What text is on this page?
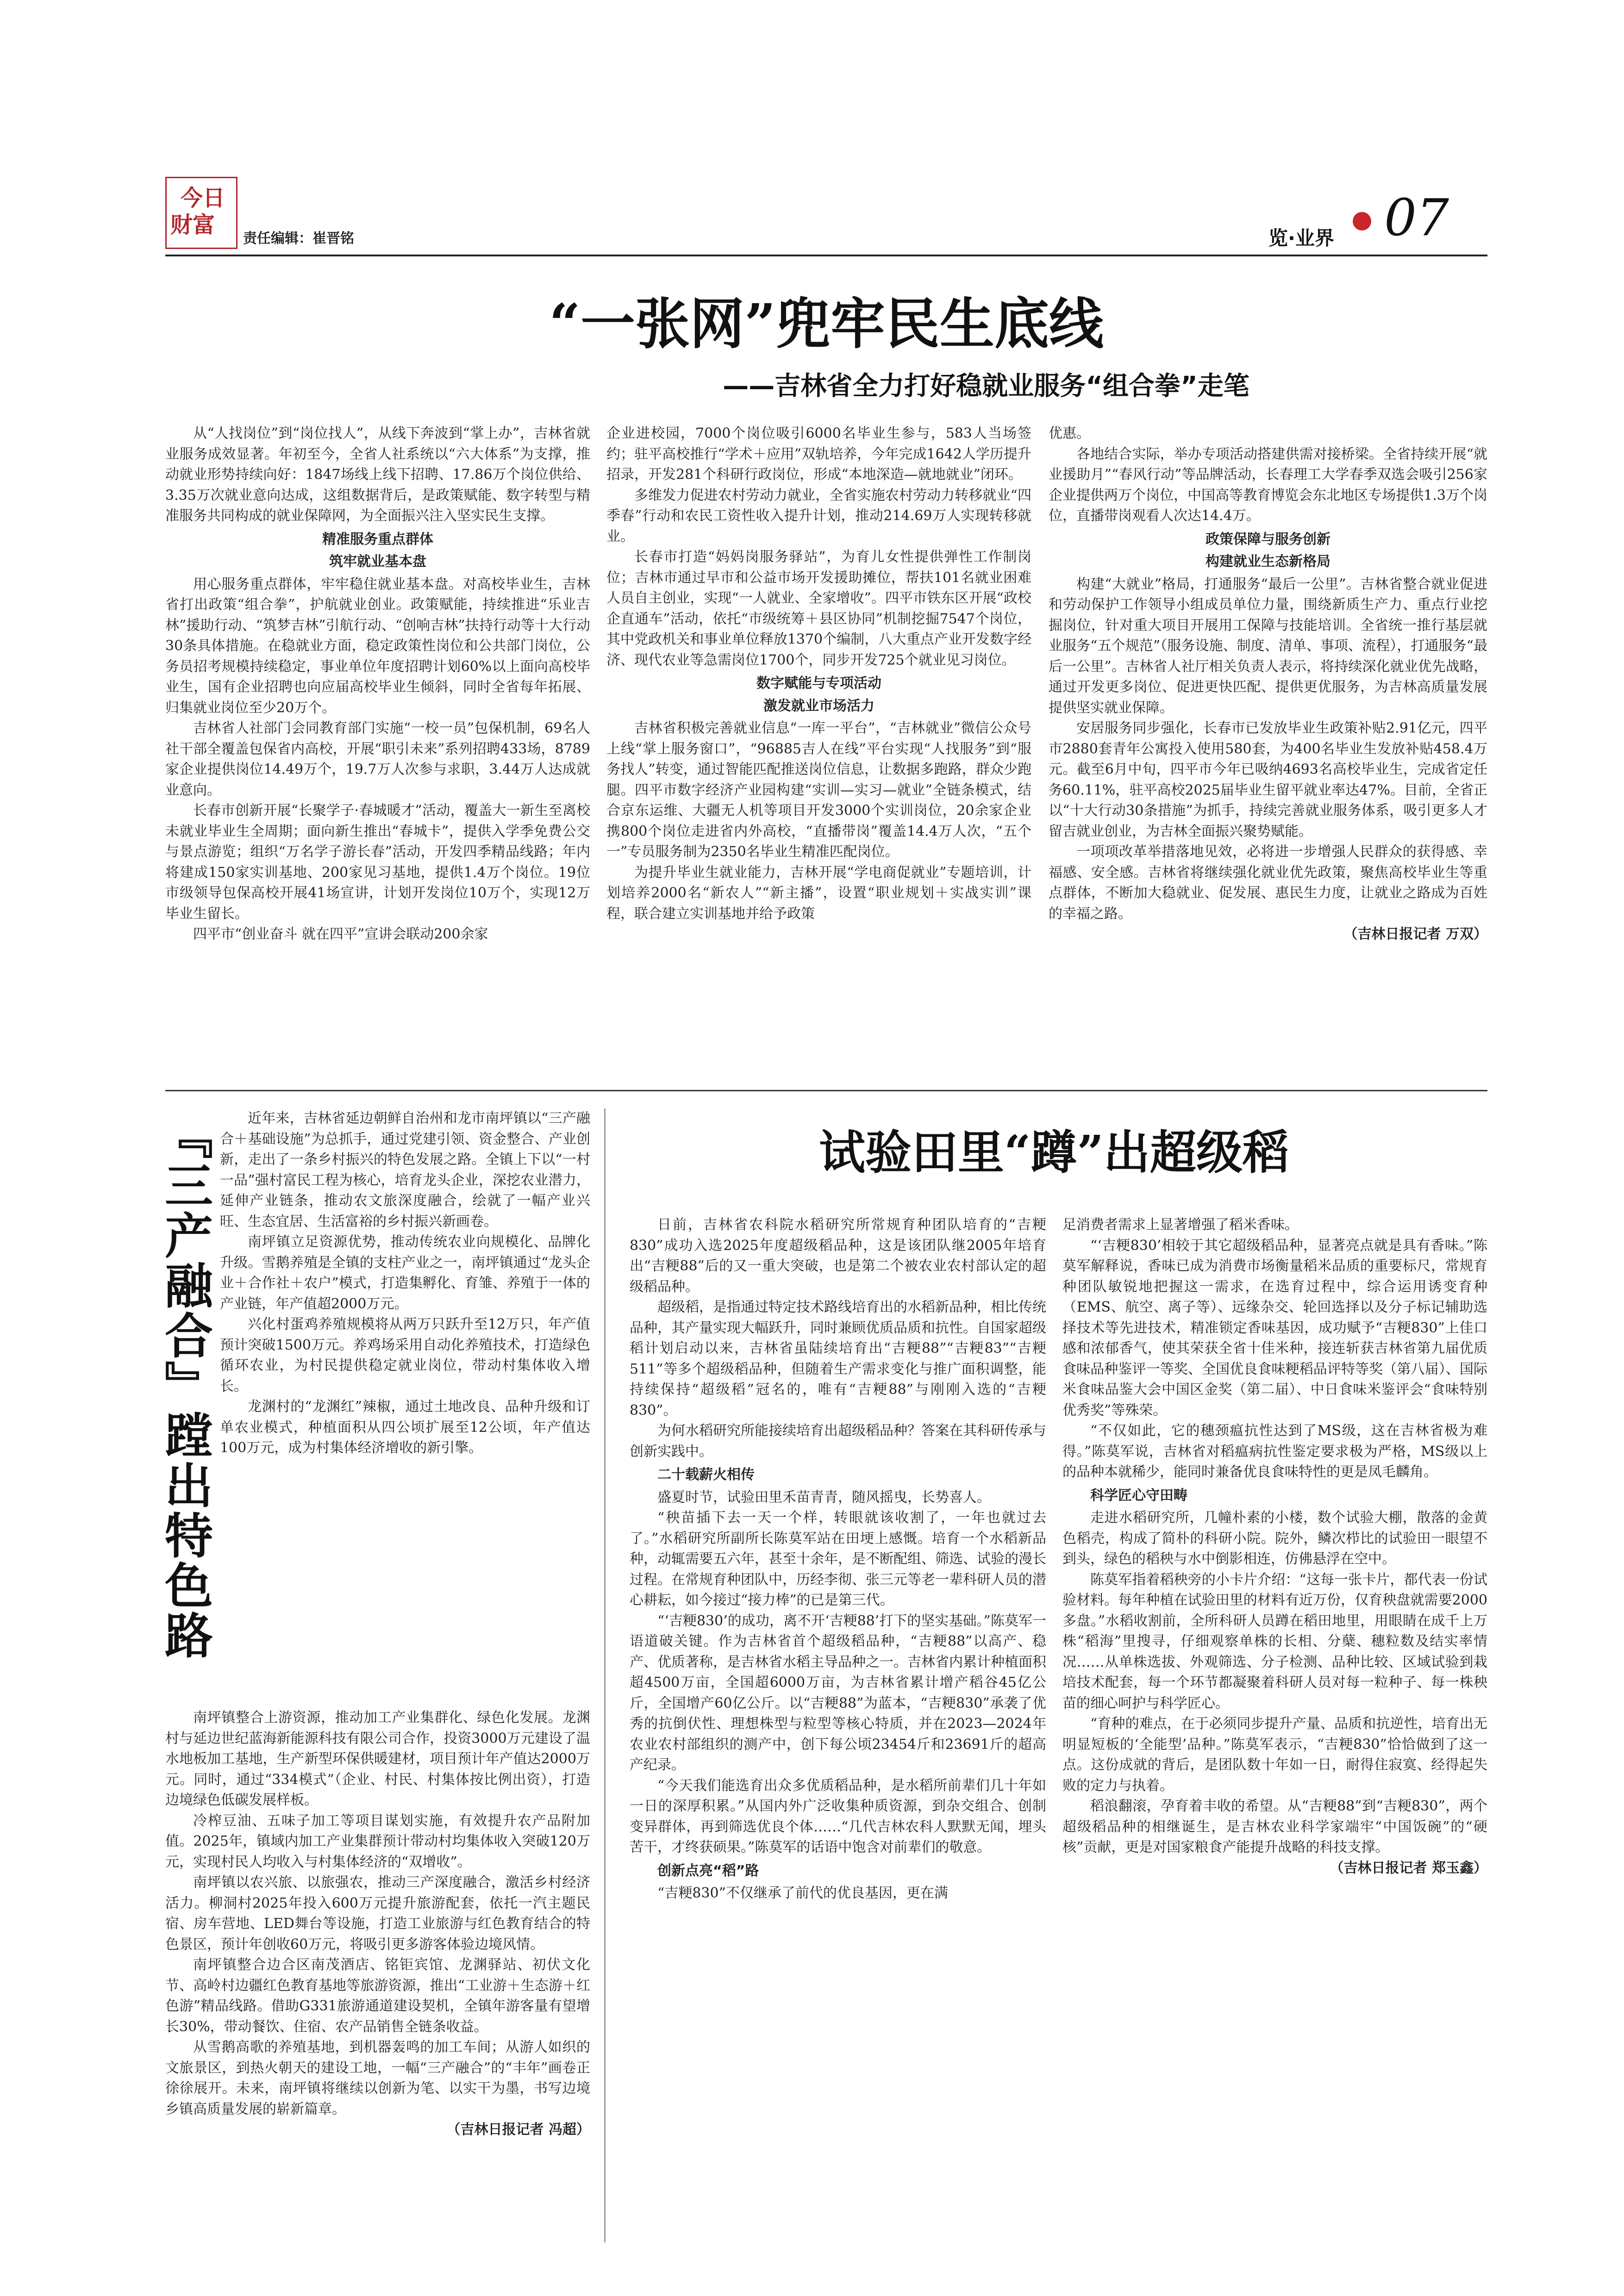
今日
财富
责任编辑：崔晋铭	览·业界 07
“一张网”兜牢民生底线
——吉林省全力打好稳就业服务“组合拳”走笔

从“人找岗位”到“岗位找人”，从线下奔波到“掌上办”，吉林省就业服务成效显著。年初至今，全省人社系统以“六大体系”为支撑，推动就业形势持续向好：1847场线上线下招聘、17.86万个岗位供给、3.35万次就业意向达成，这组数据背后，是政策赋能、数字转型与精准服务共同构成的就业保障网，为全面振兴注入坚实民生支撑。

精准服务重点群体

筑牢就业基本盘

用心服务重点群体，牢牢稳住就业基本盘。对高校毕业生，吉林省打出政策“组合拳”，护航就业创业。政策赋能，持续推进“乐业吉林”援助行动、“筑梦吉林”引航行动、“创响吉林”扶持行动等十大行动30条具体措施。在稳就业方面，稳定政策性岗位和公共部门岗位，公务员招考规模持续稳定，事业单位年度招聘计划60%以上面向高校毕业生，国有企业招聘也向应届高校毕业生倾斜，同时全省每年拓展、归集就业岗位至少20万个。

吉林省人社部门会同教育部门实施“一校一员”包保机制，69名人社干部全覆盖包保省内高校，开展“职引未来”系列招聘433场，8789家企业提供岗位14.49万个，19.7万人次参与求职，3.44万人达成就业意向。

长春市创新开展“长聚学子·春城暖才”活动，覆盖大一新生至离校未就业毕业生全周期；面向新生推出“春城卡”，提供入学季免费公交与景点游览；组织“万名学子游长春”活动，开发四季精品线路；年内将建成150家实训基地、200家见习基地，提供1.4万个岗位。19位市级领导包保高校开展41场宣讲，计划开发岗位10万个，实现12万毕业生留长。

四平市“创业奋斗 就在四平”宣讲会联动200余家

企业进校园，7000个岗位吸引6000名毕业生参与，583人当场签约；驻平高校推行“学术＋应用”双轨培养，今年完成1642人学历提升招录，开发281个科研行政岗位，形成“本地深造—就地就业”闭环。

多维发力促进农村劳动力就业，全省实施农村劳动力转移就业“四季春”行动和农民工资性收入提升计划，推动214.69万人实现转移就业。

长春市打造“妈妈岗服务驿站”，为育儿女性提供弹性工作制岗位；吉林市通过早市和公益市场开发援助摊位，帮扶101名就业困难人员自主创业，实现“一人就业、全家增收”。四平市铁东区开展“政校企直通车”活动，依托“市级统筹＋县区协同”机制挖掘7547个岗位，其中党政机关和事业单位释放1370个编制，八大重点产业开发数字经济、现代农业等急需岗位1700个，同步开发725个就业见习岗位。

数字赋能与专项活动

激发就业市场活力

吉林省积极完善就业信息“一库一平台”，“吉林就业”微信公众号上线“掌上服务窗口”，“96885吉人在线”平台实现“人找服务”到“服务找人”转变，通过智能匹配推送岗位信息，让数据多跑路，群众少跑腿。四平市数字经济产业园构建“实训—实习—就业”全链条模式，结合京东运维、大疆无人机等项目开发3000个实训岗位，20余家企业携800个岗位走进省内外高校，“直播带岗”覆盖14.4万人次，“五个一”专员服务制为2350名毕业生精准匹配岗位。

为提升毕业生就业能力，吉林开展“学电商促就业”专题培训，计划培养2000名“新农人”“新主播”，设置“职业规划＋实战实训”课程，联合建立实训基地并给予政策

优惠。

各地结合实际，举办专项活动搭建供需对接桥梁。全省持续开展“就业援助月”“春风行动”等品牌活动，长春理工大学春季双选会吸引256家企业提供两万个岗位，中国高等教育博览会东北地区专场提供1.3万个岗位，直播带岗观看人次达14.4万。

政策保障与服务创新

构建就业生态新格局

构建“大就业”格局，打通服务“最后一公里”。吉林省整合就业促进和劳动保护工作领导小组成员单位力量，围绕新质生产力、重点行业挖掘岗位，针对重大项目开展用工保障与技能培训。全省统一推行基层就业服务“五个规范”（服务设施、制度、清单、事项、流程），打通服务“最后一公里”。吉林省人社厅相关负责人表示，将持续深化就业优先战略，通过开发更多岗位、促进更快匹配、提供更优服务，为吉林高质量发展提供坚实就业保障。

安居服务同步强化，长春市已发放毕业生政策补贴2.91亿元，四平市2880套青年公寓投入使用580套，为400名毕业生发放补贴458.4万元。截至6月中旬，四平市今年已吸纳4693名高校毕业生，完成省定任务60.11%，驻平高校2025届毕业生留平就业率达47%。目前，全省正以“十大行动30条措施”为抓手，持续完善就业服务体系，吸引更多人才留吉就业创业，为吉林全面振兴聚势赋能。

一项项改革举措落地见效，必将进一步增强人民群众的获得感、幸福感、安全感。吉林省将继续强化就业优先政策，聚焦高校毕业生等重点群体，不断加大稳就业、促发展、惠民生力度，让就业之路成为百姓的幸福之路。

（吉林日报记者 万双）

『三产融合』蹚出特色路	近年来，吉林省延边朝鲜自治州和龙市南坪镇以“三产融合＋基础设施”为总抓手，通过党建引领、资金整合、产业创新，走出了一条乡村振兴的特色发展之路。全镇上下以“一村一品”强村富民工程为核心，培育龙头企业，深挖农业潜力，延伸产业链条，推动农文旅深度融合，绘就了一幅产业兴旺、生态宜居、生活富裕的乡村振兴新画卷。

南坪镇立足资源优势，推动传统农业向规模化、品牌化升级。雪鹅养殖是全镇的支柱产业之一，南坪镇通过“龙头企业＋合作社＋农户”模式，打造集孵化、育雏、养殖于一体的产业链，年产值超2000万元。

兴化村蛋鸡养殖规模将从两万只跃升至12万只，年产值预计突破1500万元。养鸡场采用自动化养殖技术，打造绿色循环农业，为村民提供稳定就业岗位，带动村集体收入增长。

龙渊村的“龙渊红”辣椒，通过土地改良、品种升级和订单农业模式，种植面积从四公顷扩展至12公顷，年产值达100万元，成为村集体经济增收的新引擎。

南坪镇整合上游资源，推动加工产业集群化、绿色化发展。龙渊村与延边世纪蓝海新能源科技有限公司合作，投资3000万元建设了温水地板加工基地，生产新型环保供暖建材，项目预计年产值达2000万元。同时，通过“334模式”（企业、村民、村集体按比例出资），打造边境绿色低碳发展样板。

冷榨豆油、五味子加工等项目谋划实施，有效提升农产品附加值。2025年，镇域内加工产业集群预计带动村均集体收入突破120万元，实现村民人均收入与村集体经济的“双增收”。

南坪镇以农兴旅、以旅强农，推动三产深度融合，激活乡村经济活力。柳洞村2025年投入600万元提升旅游配套，依托一汽主题民宿、房车营地、LED舞台等设施，打造工业旅游与红色教育结合的特色景区，预计年创收60万元，将吸引更多游客体验边境风情。

南坪镇整合边合区南茂酒店、铭钜宾馆、龙渊驿站、初伏文化节、高岭村边疆红色教育基地等旅游资源，推出“工业游＋生态游＋红色游”精品线路。借助G331旅游通道建设契机，全镇年游客量有望增长30%，带动餐饮、住宿、农产品销售全链条收益。

从雪鹅高歌的养殖基地，到机器轰鸣的加工车间；从游人如织的文旅景区，到热火朝天的建设工地，一幅“三产融合”的“丰年”画卷正徐徐展开。未来，南坪镇将继续以创新为笔、以实干为墨，书写边境乡镇高质量发展的崭新篇章。

（吉林日报记者 冯超）

试验田里“蹲”出超级稻

日前，吉林省农科院水稻研究所常规育种团队培育的“吉粳830”成功入选2025年度超级稻品种，这是该团队继2005年培育出“吉粳88”后的又一重大突破，也是第二个被农业农村部认定的超级稻品种。

超级稻，是指通过特定技术路线培育出的水稻新品种，相比传统品种，其产量实现大幅跃升，同时兼顾优质品质和抗性。自国家超级稻计划启动以来，吉林省虽陆续培育出“吉粳88”“吉粳83”“吉粳511”等多个超级稻品种，但随着生产需求变化与推广面积调整，能持续保持“超级稻”冠名的，唯有“吉粳88”与刚刚入选的“吉粳830”。

为何水稻研究所能接续培育出超级稻品种？答案在其科研传承与创新实践中。

二十载薪火相传

盛夏时节，试验田里禾苗青青，随风摇曳，长势喜人。

“秧苗插下去一天一个样，转眼就该收割了，一年也就过去了。”水稻研究所副所长陈莫军站在田埂上感慨。培育一个水稻新品种，动辄需要五六年，甚至十余年，是不断配组、筛选、试验的漫长过程。在常规育种团队中，历经李彻、张三元等老一辈科研人员的潜心耕耘，如今接过“接力棒”的已是第三代。

“‘吉粳830’的成功，离不开‘吉粳88’打下的坚实基础。”陈莫军一语道破关键。作为吉林省首个超级稻品种，“吉粳88”以高产、稳产、优质著称，是吉林省水稻主导品种之一。吉林省内累计种植面积超4500万亩，全国超6000万亩，为吉林省累计增产稻谷45亿公斤，全国增产60亿公斤。以“吉粳88”为蓝本，“吉粳830”承袭了优秀的抗倒伏性、理想株型与粒型等核心特质，并在2023—2024年农业农村部组织的测产中，创下每公顷23454斤和23691斤的超高产纪录。

“今天我们能选育出众多优质稻品种，是水稻所前辈们几十年如一日的深厚积累。”从国内外广泛收集种质资源，到杂交组合、创制变异群体，再到筛选优良个体……“几代吉林农科人默默无闻，埋头苦干，才终获硕果。”陈莫军的话语中饱含对前辈们的敬意。

创新点亮“稻”路

“吉粳830”不仅继承了前代的优良基因，更在满

足消费者需求上显著增强了稻米香味。

“‘吉粳830’相较于其它超级稻品种，显著亮点就是具有香味。”陈莫军解释说，香味已成为消费市场衡量稻米品质的重要标尺，常规育种团队敏锐地把握这一需求，在选育过程中，综合运用诱变育种（EMS、航空、离子等）、远缘杂交、轮回选择以及分子标记辅助选择技术等先进技术，精准锁定香味基因，成功赋予“吉粳830”上佳口感和浓郁香气，使其荣获全省十佳米种，接连斩获吉林省第九届优质食味品种鉴评一等奖、全国优良食味粳稻品评特等奖（第八届）、国际米食味品鉴大会中国区金奖（第二届）、中日食味米鉴评会“食味特别优秀奖”等殊荣。

“不仅如此，它的穗颈瘟抗性达到了MS级，这在吉林省极为难得。”陈莫军说，吉林省对稻瘟病抗性鉴定要求极为严格，MS级以上的品种本就稀少，能同时兼备优良食味特性的更是凤毛麟角。

科学匠心守田畴

走进水稻研究所，几幢朴素的小楼，数个试验大棚，散落的金黄色稻壳，构成了简朴的科研小院。院外，鳞次栉比的试验田一眼望不到头，绿色的稻秧与水中倒影相连，仿佛悬浮在空中。

陈莫军指着稻秧旁的小卡片介绍：“这每一张卡片，都代表一份试验材料。每年种植在试验田里的材料有近万份，仅育秧盘就需要2000多盘。”水稻收割前，全所科研人员蹲在稻田地里，用眼睛在成千上万株“稻海”里搜寻，仔细观察单株的长相、分蘖、穗粒数及结实率情况……从单株选拔、外观筛选、分子检测、品种比较、区域试验到栽培技术配套，每一个环节都凝聚着科研人员对每一粒种子、每一株秧苗的细心呵护与科学匠心。

“育种的难点，在于必须同步提升产量、品质和抗逆性，培育出无明显短板的‘全能型’品种。”陈莫军表示，“吉粳830”恰恰做到了这一点。这份成就的背后，是团队数十年如一日，耐得住寂寞、经得起失败的定力与执着。

稻浪翻滚，孕育着丰收的希望。从“吉粳88”到“吉粳830”，两个超级稻品种的相继诞生，是吉林农业科学家端牢“中国饭碗”的“硬核”贡献，更是对国家粮食产能提升战略的科技支撑。

（吉林日报记者 郑玉鑫）
